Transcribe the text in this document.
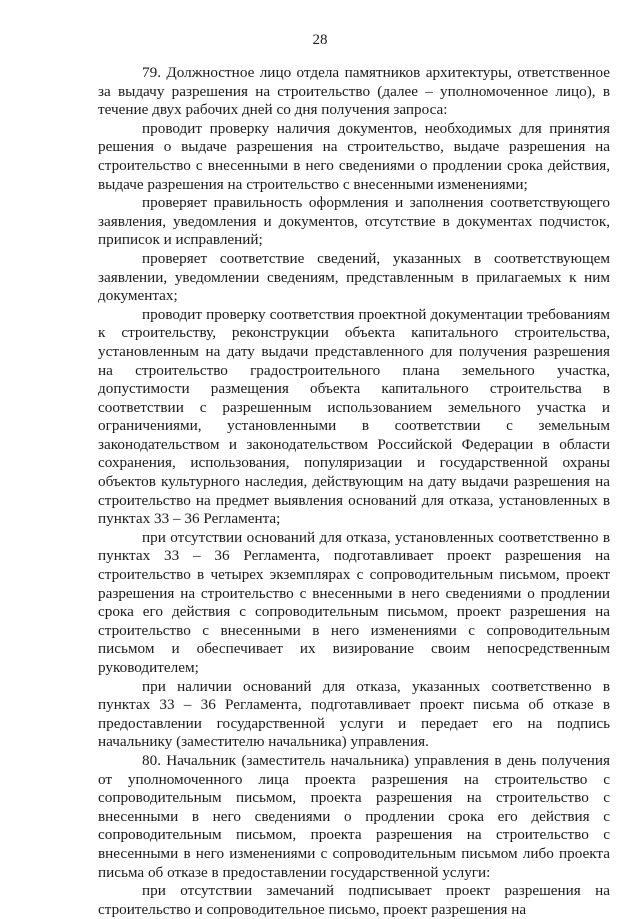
28

79. Должностное лицо отдела памятников архитектуры, ответственное за выдачу разрешения на строительство (далее – уполномоченное лицо), в течение двух рабочих дней со дня получения запроса:

проводит проверку наличия документов, необходимых для принятия решения о выдаче разрешения на строительство, выдаче разрешения на строительство с внесенными в него сведениями о продлении срока действия, выдаче разрешения на строительство с внесенными изменениями;

проверяет правильность оформления и заполнения соответствующего заявления, уведомления и документов, отсутствие в документах подчисток, приписок и исправлений;

проверяет соответствие сведений, указанных в соответствующем заявлении, уведомлении сведениям, представленным в прилагаемых к ним документах;

проводит проверку соответствия проектной документации требованиям к строительству, реконструкции объекта капитального строительства, установленным на дату выдачи представленного для получения разрешения на строительство градостроительного плана земельного участка, допустимости размещения объекта капитального строительства в соответствии с разрешенным использованием земельного участка и ограничениями, установленными в соответствии с земельным законодательством и законодательством Российской Федерации в области сохранения, использования, популяризации и государственной охраны объектов культурного наследия, действующим на дату выдачи разрешения на строительство на предмет выявления оснований для отказа, установленных в пунктах 33 – 36 Регламента;

при отсутствии оснований для отказа, установленных соответственно в пунктах 33 – 36 Регламента, подготавливает проект разрешения на строительство в четырех экземплярах с сопроводительным письмом, проект разрешения на строительство с внесенными в него сведениями о продлении срока его действия с сопроводительным письмом, проект разрешения на строительство с внесенными в него изменениями с сопроводительным письмом и обеспечивает их визирование своим непосредственным руководителем;

при наличии оснований для отказа, указанных соответственно в пунктах 33 – 36 Регламента, подготавливает проект письма об отказе в предоставлении государственной услуги и передает его на подпись начальнику (заместителю начальника) управления.

80. Начальник (заместитель начальника) управления в день получения от уполномоченного лица проекта разрешения на строительство с сопроводительным письмом, проекта разрешения на строительство с внесенными в него сведениями о продлении срока его действия с сопроводительным письмом, проекта разрешения на строительство с внесенными в него изменениями с сопроводительным письмом либо проекта письма об отказе в предоставлении государственной услуги:

при отсутствии замечаний подписывает проект разрешения на строительство и сопроводительное письмо, проект разрешения на
